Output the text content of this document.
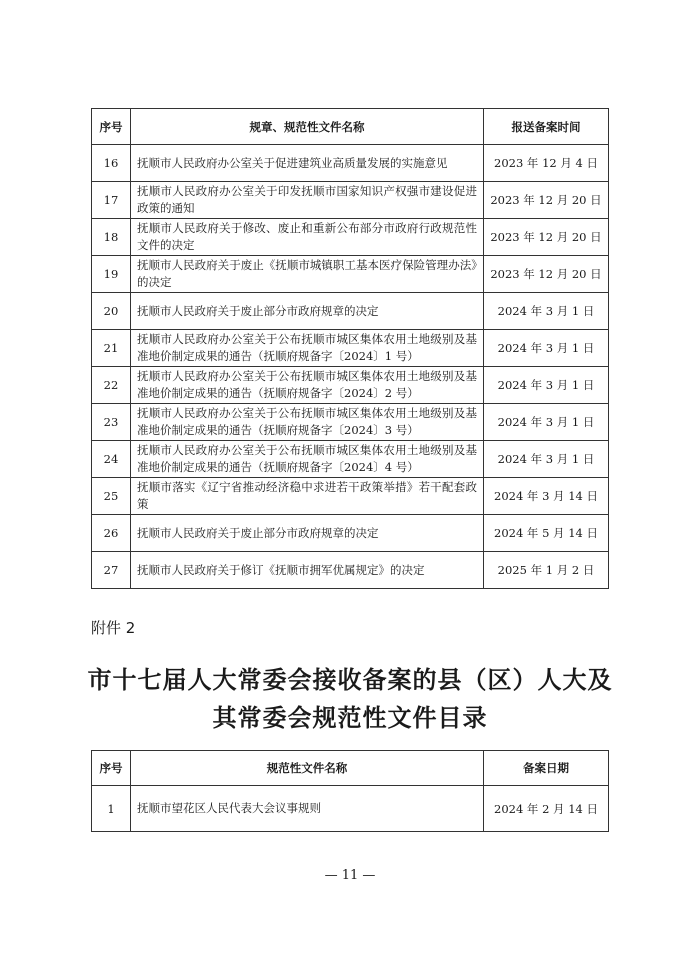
序号	规章、规范性文件名称	报送备案时间
16	抚顺市人民政府办公室关于促进建筑业高质量发展的实施意见	2023 年 12 月 4 日
17	抚顺市人民政府办公室关于印发抚顺市国家知识产权强市建设促进政策的通知	2023 年 12 月 20 日
18	抚顺市人民政府关于修改、废止和重新公布部分市政府行政规范性文件的决定	2023 年 12 月 20 日
19	抚顺市人民政府关于废止《抚顺市城镇职工基本医疗保险管理办法》的决定	2023 年 12 月 20 日
20	抚顺市人民政府关于废止部分市政府规章的决定	2024 年 3 月 1 日
21	抚顺市人民政府办公室关于公布抚顺市城区集体农用土地级别及基准地价制定成果的通告（抚顺府规备字〔2024〕1 号）	2024 年 3 月 1 日
22	抚顺市人民政府办公室关于公布抚顺市城区集体农用土地级别及基准地价制定成果的通告（抚顺府规备字〔2024〕2 号）	2024 年 3 月 1 日
23	抚顺市人民政府办公室关于公布抚顺市城区集体农用土地级别及基准地价制定成果的通告（抚顺府规备字〔2024〕3 号）	2024 年 3 月 1 日
24	抚顺市人民政府办公室关于公布抚顺市城区集体农用土地级别及基准地价制定成果的通告（抚顺府规备字〔2024〕4 号）	2024 年 3 月 1 日
25	抚顺市落实《辽宁省推动经济稳中求进若干政策举措》若干配套政策	2024 年 3 月 14 日
26	抚顺市人民政府关于废止部分市政府规章的决定	2024 年 5 月 14 日
27	抚顺市人民政府关于修订《抚顺市拥军优属规定》的决定	2025 年 1 月 2 日
附件 2
市十七届人大常委会接收备案的县（区）人大及
其常委会规范性文件目录
序号	规范性文件名称	备案日期
1	抚顺市望花区人民代表大会议事规则	2024 年 2 月 14 日
— 11 —
